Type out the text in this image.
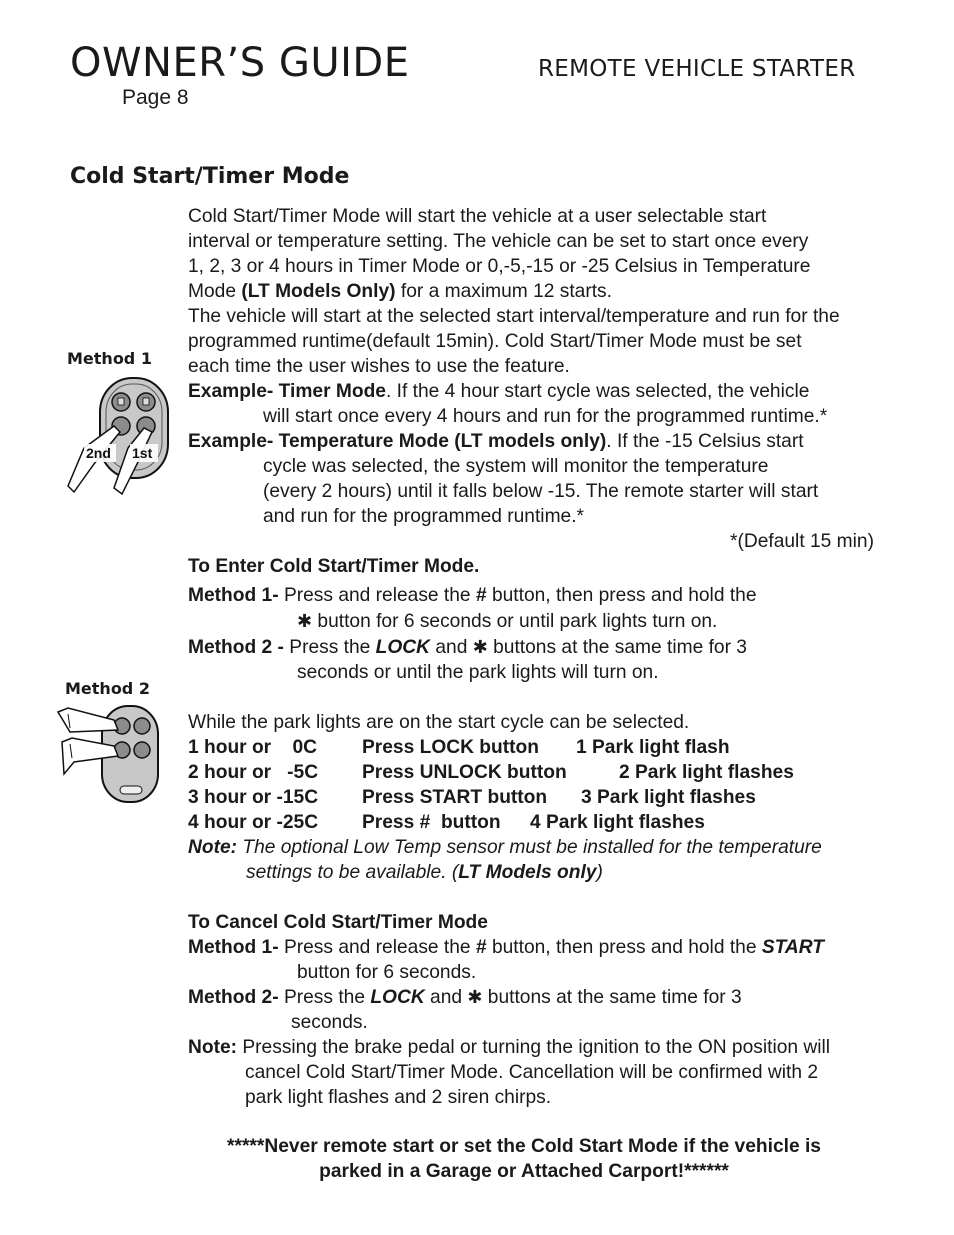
OWNER’S GUIDE	REMOTE VEHICLE STARTER
Page 8
Cold Start/Timer Mode
Method 1
2nd 1st
Method 2
Cold Start/Timer Mode will start the vehicle at a user selectable start
interval or temperature setting. The vehicle can be set to start once every
1, 2, 3 or 4 hours in Timer Mode or 0,-5,-15 or -25 Celsius in Temperature
Mode (LT Models Only) for a maximum 12 starts.
The vehicle will start at the selected start interval/temperature and run for the
programmed runtime(default 15min). Cold Start/Timer Mode must be set
each time the user wishes to use the feature.
Example- Timer Mode. If the 4 hour start cycle was selected, the vehicle
will start once every 4 hours and run for the programmed runtime.*
Example- Temperature Mode (LT models only). If the -15 Celsius start
cycle was selected, the system will monitor the temperature
(every 2 hours) until it falls below -15. The remote starter will start
and run for the programmed runtime.*
*(Default 15 min)
To Enter Cold Start/Timer Mode.
Method 1- Press and release the # button, then press and hold the
✱ button for 6 seconds or until park lights turn on.
Method 2 - Press the LOCK and ✱ buttons at the same time for 3
seconds or until the park lights will turn on.
While the park lights are on the start cycle can be selected.
1 hour or    0C Press LOCK button 1 Park light flash
2 hour or   -5C Press UNLOCK button	2 Park light flashes
3 hour or -15C Press START button 3 Park light flashes
4 hour or -25C Press #  button 4 Park light flashes
Note: The optional Low Temp sensor must be installed for the temperature
settings to be available. (LT Models only)
To Cancel Cold Start/Timer Mode
Method 1- Press and release the # button, then press and hold the START
button for 6 seconds.
Method 2- Press the LOCK and ✱ buttons at the same time for 3
seconds.
Note: Pressing the brake pedal or turning the ignition to the ON position will
cancel Cold Start/Timer Mode. Cancellation will be confirmed with 2
park light flashes and 2 siren chirps.
*****Never remote start or set the Cold Start Mode if the vehicle is
parked in a Garage or Attached Carport!******
